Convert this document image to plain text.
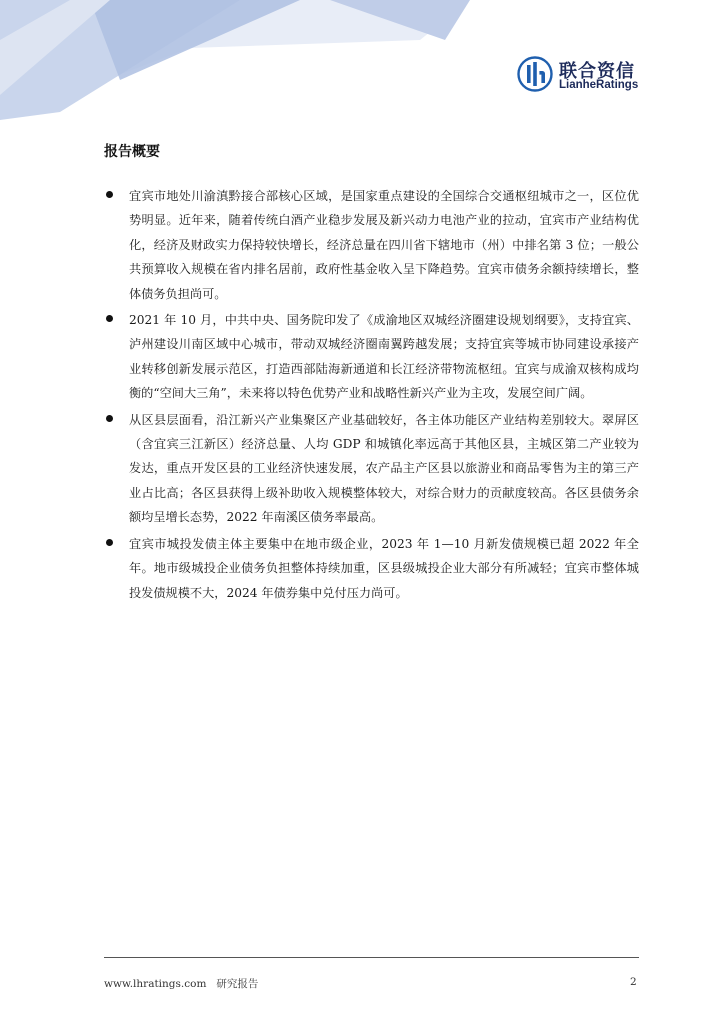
联合资信
LianheRatings
报告概要
宜宾市地处川渝滇黔接合部核心区域，是国家重点建设的全国综合交通枢纽城市之一，区位优势明显。近年来，随着传统白酒产业稳步发展及新兴动力电池产业的拉动，宜宾市产业结构优化，经济及财政实力保持较快增长，经济总量在四川省下辖地市（州）中排名第 3 位；一般公共预算收入规模在省内排名居前，政府性基金收入呈下降趋势。宜宾市债务余额持续增长，整体债务负担尚可。
2021 年 10 月，中共中央、国务院印发了《成渝地区双城经济圈建设规划纲要》，支持宜宾、泸州建设川南区域中心城市，带动双城经济圈南翼跨越发展；支持宜宾等城市协同建设承接产业转移创新发展示范区，打造西部陆海新通道和长江经济带物流枢纽。宜宾与成渝双核构成均衡的“空间大三角”，未来将以特色优势产业和战略性新兴产业为主攻，发展空间广阔。
从区县层面看，沿江新兴产业集聚区产业基础较好，各主体功能区产业结构差别较大。翠屏区（含宜宾三江新区）经济总量、人均 GDP 和城镇化率远高于其他区县，主城区第二产业较为发达，重点开发区县的工业经济快速发展，农产品主产区县以旅游业和商品零售为主的第三产业占比高；各区县获得上级补助收入规模整体较大，对综合财力的贡献度较高。各区县债务余额均呈增长态势，2022 年南溪区债务率最高。
宜宾市城投发债主体主要集中在地市级企业，2023 年 1—10 月新发债规模已超 2022 年全年。地市级城投企业债务负担整体持续加重，区县级城投企业大部分有所减轻；宜宾市整体城投发债规模不大，2024 年债券集中兑付压力尚可。
www.lhratings.com 研究报告	2
